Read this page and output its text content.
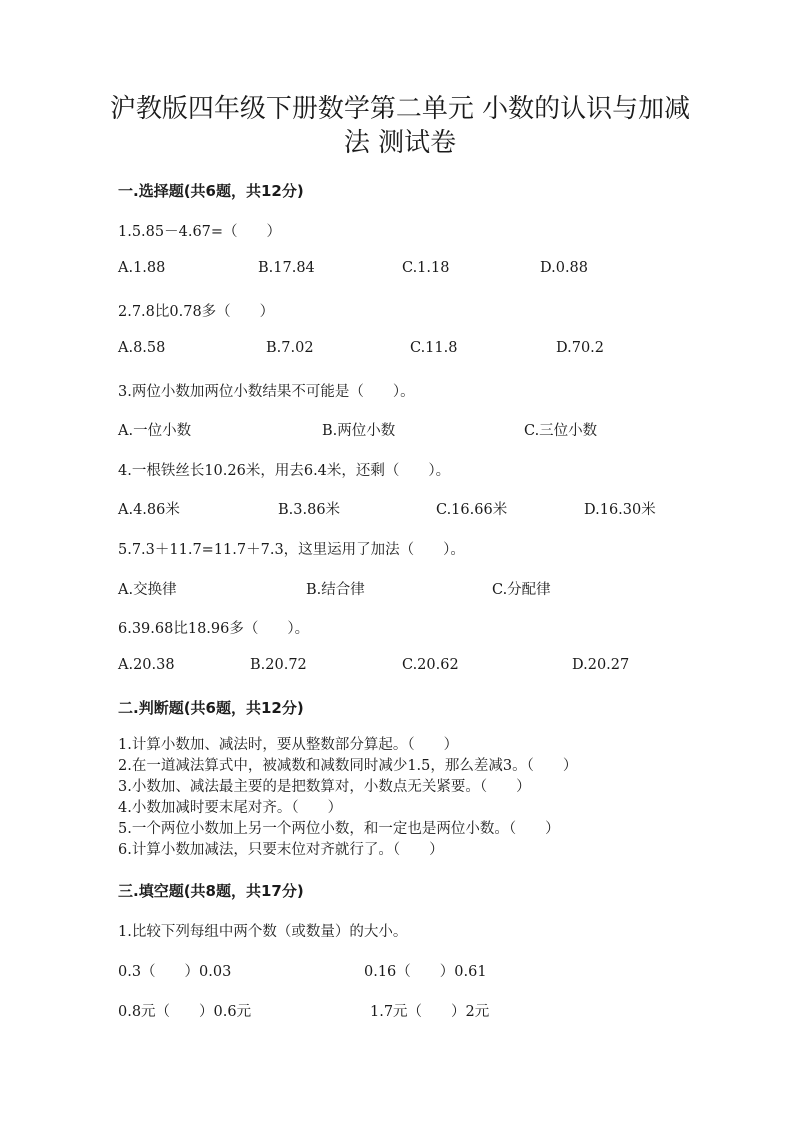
沪教版四年级下册数学第二单元 小数的认识与加减
法 测试卷
一.选择题(共6题，共12分)
1.5.85－4.67=（　　）
A.1.88	B.17.84	C.1.18	D.0.88
2.7.8比0.78多（　　）
A.8.58	B.7.02	C.11.8	D.70.2
3.两位小数加两位小数结果不可能是（　　）。
A.一位小数	B.两位小数	C.三位小数
4.一根铁丝长10.26米，用去6.4米，还剩（　　）。
A.4.86米	B.3.86米	C.16.66米	D.16.30米
5.7.3＋11.7=11.7＋7.3，这里运用了加法（　　）。
A.交换律	B.结合律	C.分配律
6.39.68比18.96多（　　）。
A.20.38	B.20.72	C.20.62	D.20.27
二.判断题(共6题，共12分)
1.计算小数加、减法时，要从整数部分算起。（　　）
2.在一道减法算式中，被减数和减数同时减少1.5，那么差减3。（　　）
3.小数加、减法最主要的是把数算对，小数点无关紧要。（　　）
4.小数加减时要末尾对齐。（　　）
5.一个两位小数加上另一个两位小数，和一定也是两位小数。（　　）
6.计算小数加减法，只要末位对齐就行了。（　　）
三.填空题(共8题，共17分)
1.比较下列每组中两个数（或数量）的大小。
0.3（　　）0.03	0.16（　　）0.61
0.8元（　　）0.6元	1.7元（　　）2元
